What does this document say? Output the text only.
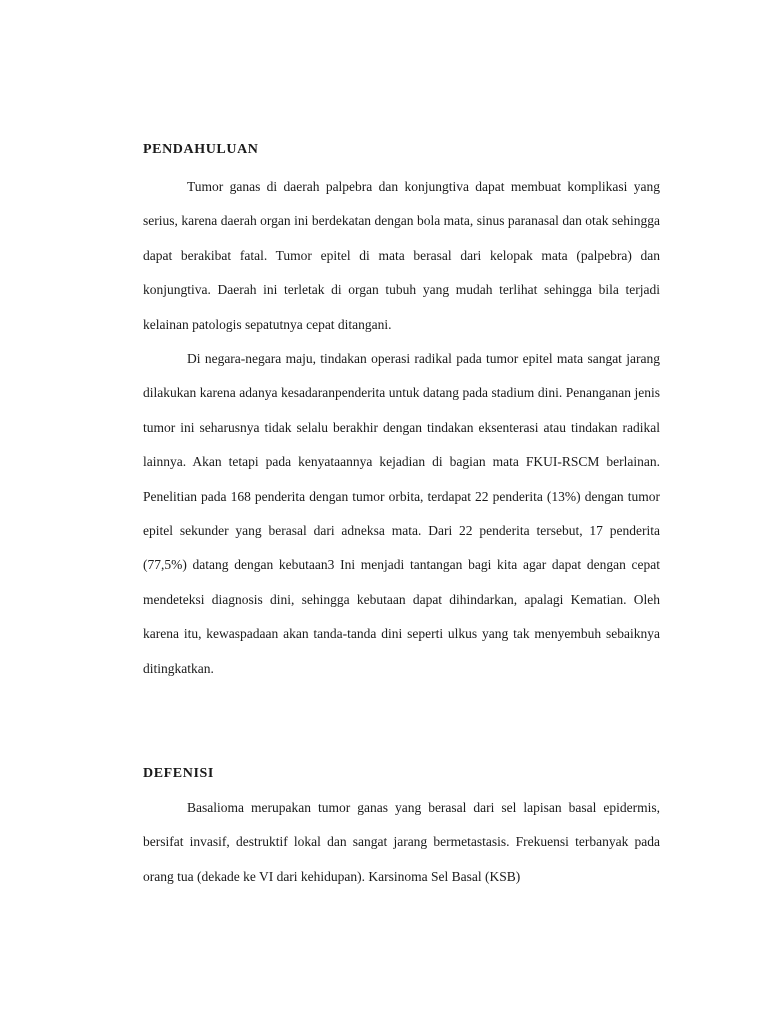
PENDAHULUAN

Tumor ganas di daerah palpebra dan konjungtiva dapat membuat komplikasi yang serius, karena daerah organ ini berdekatan dengan bola mata, sinus paranasal dan otak sehingga dapat berakibat fatal. Tumor epitel di mata berasal dari kelopak mata (palpebra) dan konjungtiva. Daerah ini terletak di organ tubuh yang mudah terlihat sehingga bila terjadi kelainan patologis sepatutnya cepat ditangani.

Di negara-negara maju, tindakan operasi radikal pada tumor epitel mata sangat jarang dilakukan karena adanya kesadaranpenderita untuk datang pada stadium dini. Penanganan jenis tumor ini seharusnya tidak selalu berakhir dengan tindakan eksenterasi atau tindakan radikal lainnya. Akan tetapi pada kenyataannya kejadian di bagian mata FKUI-RSCM berlainan. Penelitian pada 168 penderita dengan tumor orbita, terdapat 22 penderita (13%) dengan tumor epitel sekunder yang berasal dari adneksa mata. Dari 22 penderita tersebut, 17 penderita (77,5%) datang dengan kebutaan3 Ini menjadi tantangan bagi kita agar dapat dengan cepat mendeteksi diagnosis dini, sehingga kebutaan dapat dihindarkan, apalagi Kematian. Oleh karena itu, kewaspadaan akan tanda-tanda dini seperti ulkus yang tak menyembuh sebaiknya ditingkatkan.

DEFENISI

Basalioma merupakan tumor ganas yang berasal dari sel lapisan basal epidermis, bersifat invasif, destruktif lokal dan sangat jarang bermetastasis. Frekuensi terbanyak pada orang tua (dekade ke VI dari kehidupan). Karsinoma Sel Basal (KSB)
